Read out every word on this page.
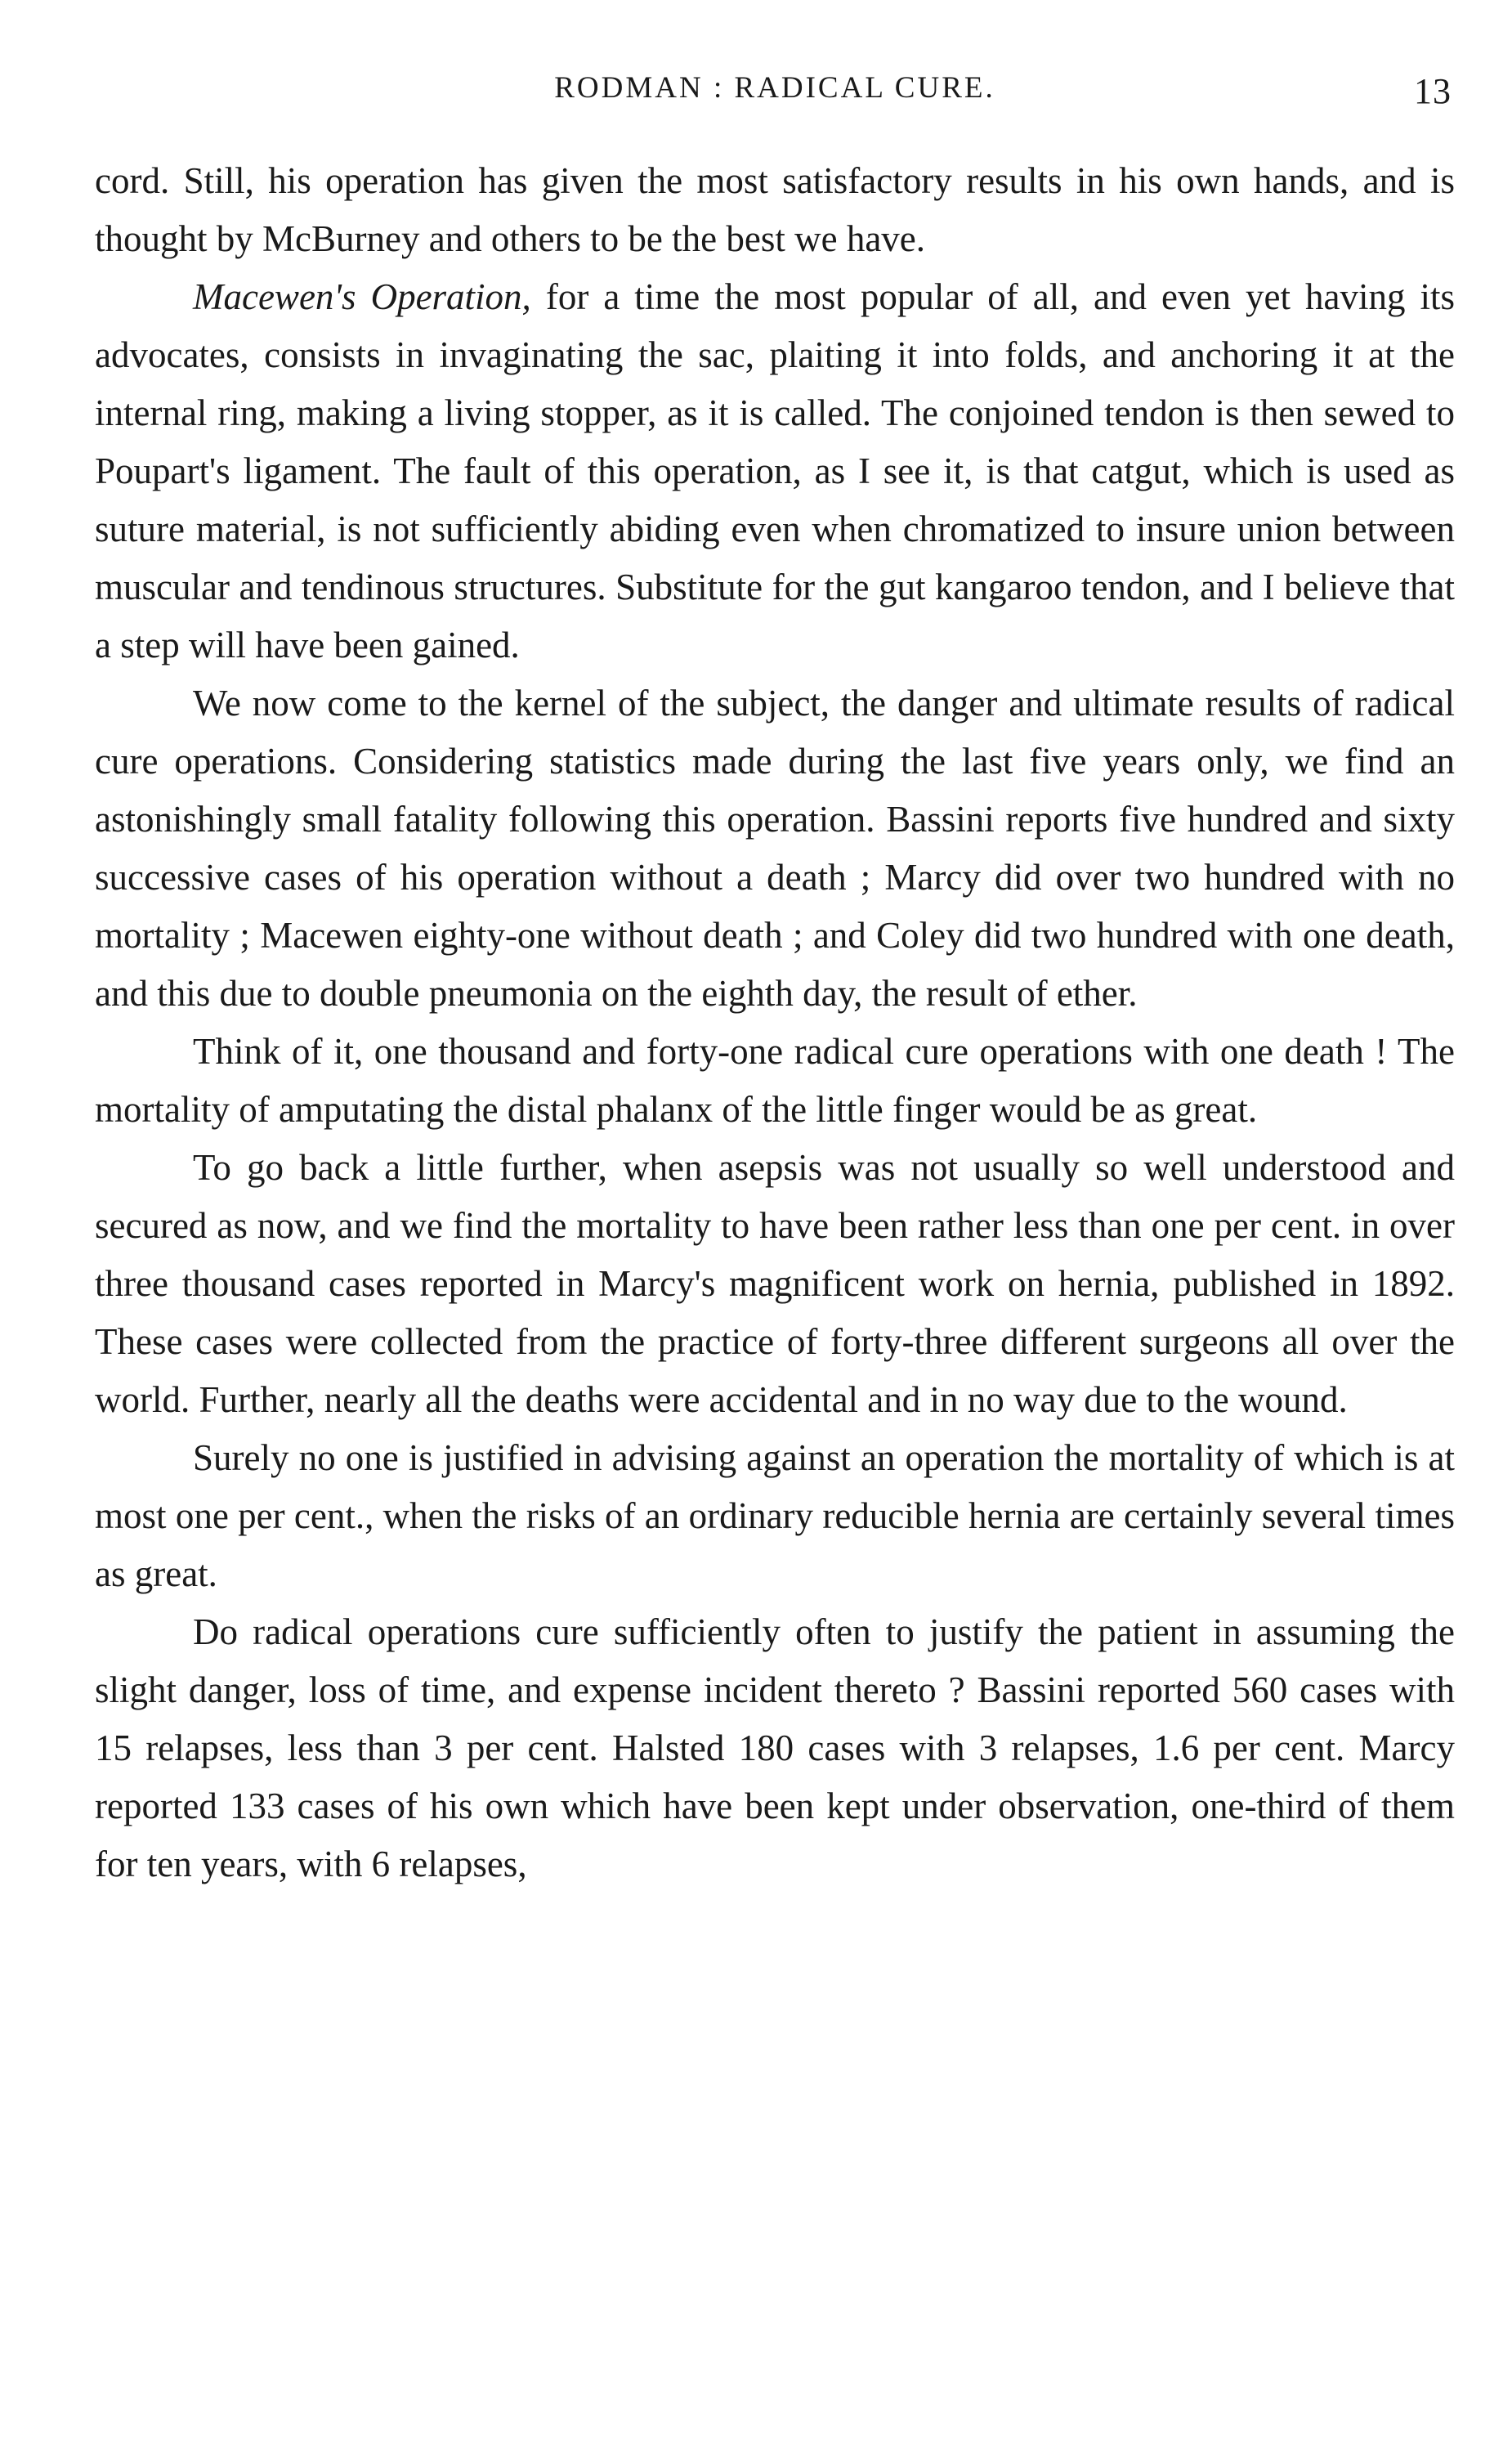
RODMAN : RADICAL CURE.	13

cord. Still, his operation has given the most satisfactory results in his own hands, and is thought by McBurney and others to be the best we have.

Macewen's Operation, for a time the most popular of all, and even yet having its advocates, consists in invaginating the sac, plaiting it into folds, and anchoring it at the internal ring, making a living stopper, as it is called. The conjoined tendon is then sewed to Poupart's ligament. The fault of this operation, as I see it, is that catgut, which is used as suture material, is not sufficiently abiding even when chromatized to insure union between muscular and tendinous structures. Substitute for the gut kangaroo tendon, and I believe that a step will have been gained.

We now come to the kernel of the subject, the danger and ultimate results of radical cure operations. Considering statistics made during the last five years only, we find an astonishingly small fatality following this operation. Bassini reports five hundred and sixty successive cases of his operation without a death ; Marcy did over two hundred with no mortality ; Macewen eighty-one without death ; and Coley did two hundred with one death, and this due to double pneumonia on the eighth day, the result of ether.

Think of it, one thousand and forty-one radical cure operations with one death ! The mortality of amputating the distal phalanx of the little finger would be as great.

To go back a little further, when asepsis was not usually so well understood and secured as now, and we find the mortality to have been rather less than one per cent. in over three thousand cases reported in Marcy's magnificent work on hernia, published in 1892. These cases were collected from the practice of forty-three different surgeons all over the world. Further, nearly all the deaths were accidental and in no way due to the wound.

Surely no one is justified in advising against an operation the mortality of which is at most one per cent., when the risks of an ordinary reducible hernia are certainly several times as great.

Do radical operations cure sufficiently often to justify the patient in assuming the slight danger, loss of time, and expense incident thereto ? Bassini reported 560 cases with 15 relapses, less than 3 per cent. Halsted 180 cases with 3 relapses, 1.6 per cent. Marcy reported 133 cases of his own which have been kept under observation, one-third of them for ten years, with 6 relapses,
